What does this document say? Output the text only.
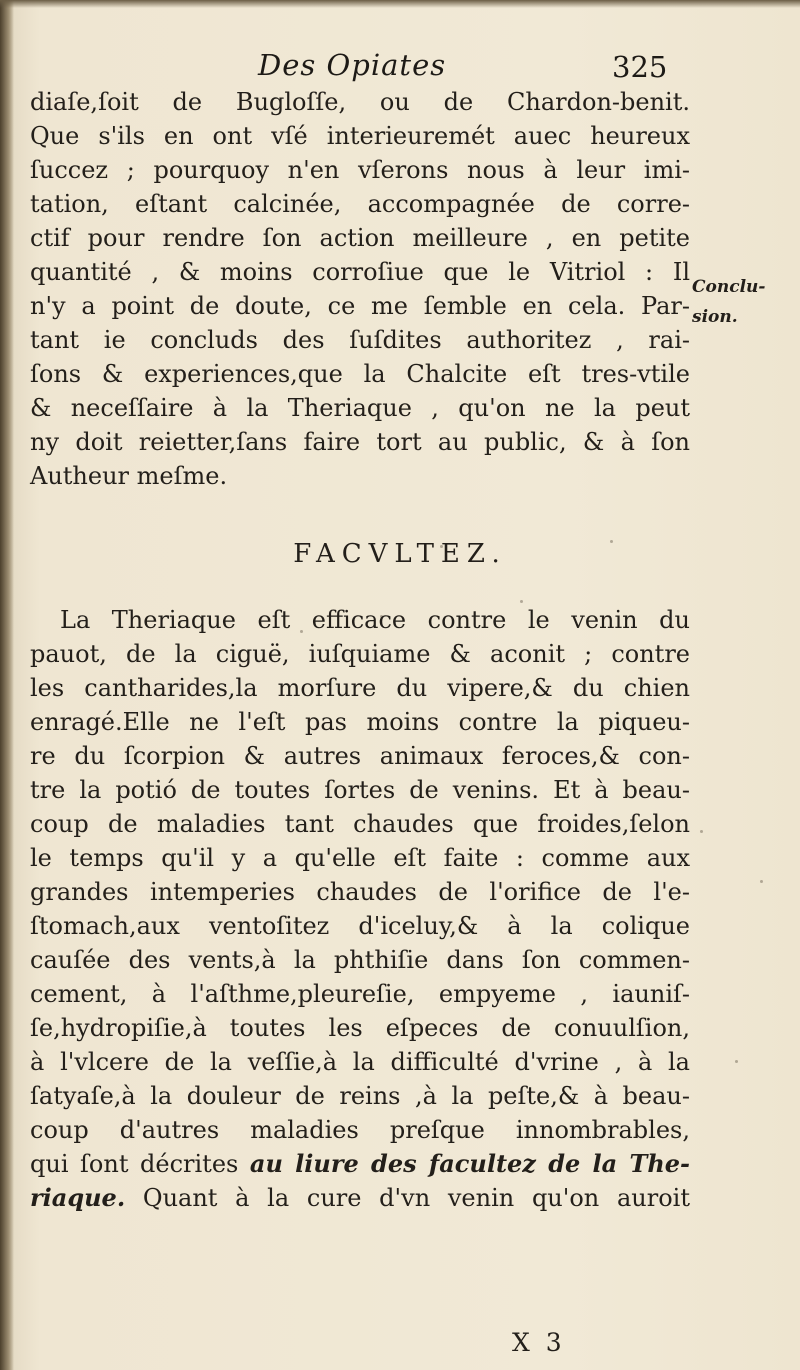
Des Opiates	325
diaſe,ſoit de Bugloſſe, ou de Chardon-benit.
Que s'ils en ont vſé interieuremét auec heureux
ſuccez ; pourquoy n'en vſerons nous à leur imi-
tation, eſtant calcinée, accompagnée de corre-
ctif pour rendre ſon action meilleure , en petite
quantité , & moins corroſiue que le Vitriol : Il
n'y a point de doute, ce me ſemble en cela. Par-
tant ie concluds des ſuſdites authoritez , rai-
ſons & experiences,que la Chalcite eſt tres-vtile
& neceſſaire à la Theriaque , qu'on ne la peut
ny doit reietter,ſans faire tort au public, & à ſon
Autheur meſme.
FACVLTEZ.
La Theriaque eſt efficace contre le venin du
pauot, de la ciguë, iuſquiame & aconit ; contre
les cantharides,la morſure du vipere,& du chien
enragé.Elle ne l'eſt pas moins contre la piqueu-
re du ſcorpion & autres animaux feroces,& con-
tre la potió de toutes ſortes de venins. Et à beau-
coup de maladies tant chaudes que froides,ſelon
le temps qu'il y a qu'elle eſt faite : comme aux
grandes intemperies chaudes de l'orifice de l'e-
ſtomach,aux ventoſitez d'iceluy,& à la colique
cauſée des vents,à la phthiſie dans ſon commen-
cement, à l'aſthme,pleureſie, empyeme , iauniſ-
ſe,hydropiſie,à toutes les eſpeces de conuulſion,
à l'vlcere de la veſſie,à la difficulté d'vrine , à la
ſatyaſe,à la douleur de reins ,à la peſte,& à beau-
coup d'autres maladies preſque innombrables,
qui ſont décrites au liure des facultez de la The-
riaque. Quant à la cure d'vn venin qu'on auroit
Conclu-
sion.
X 3
